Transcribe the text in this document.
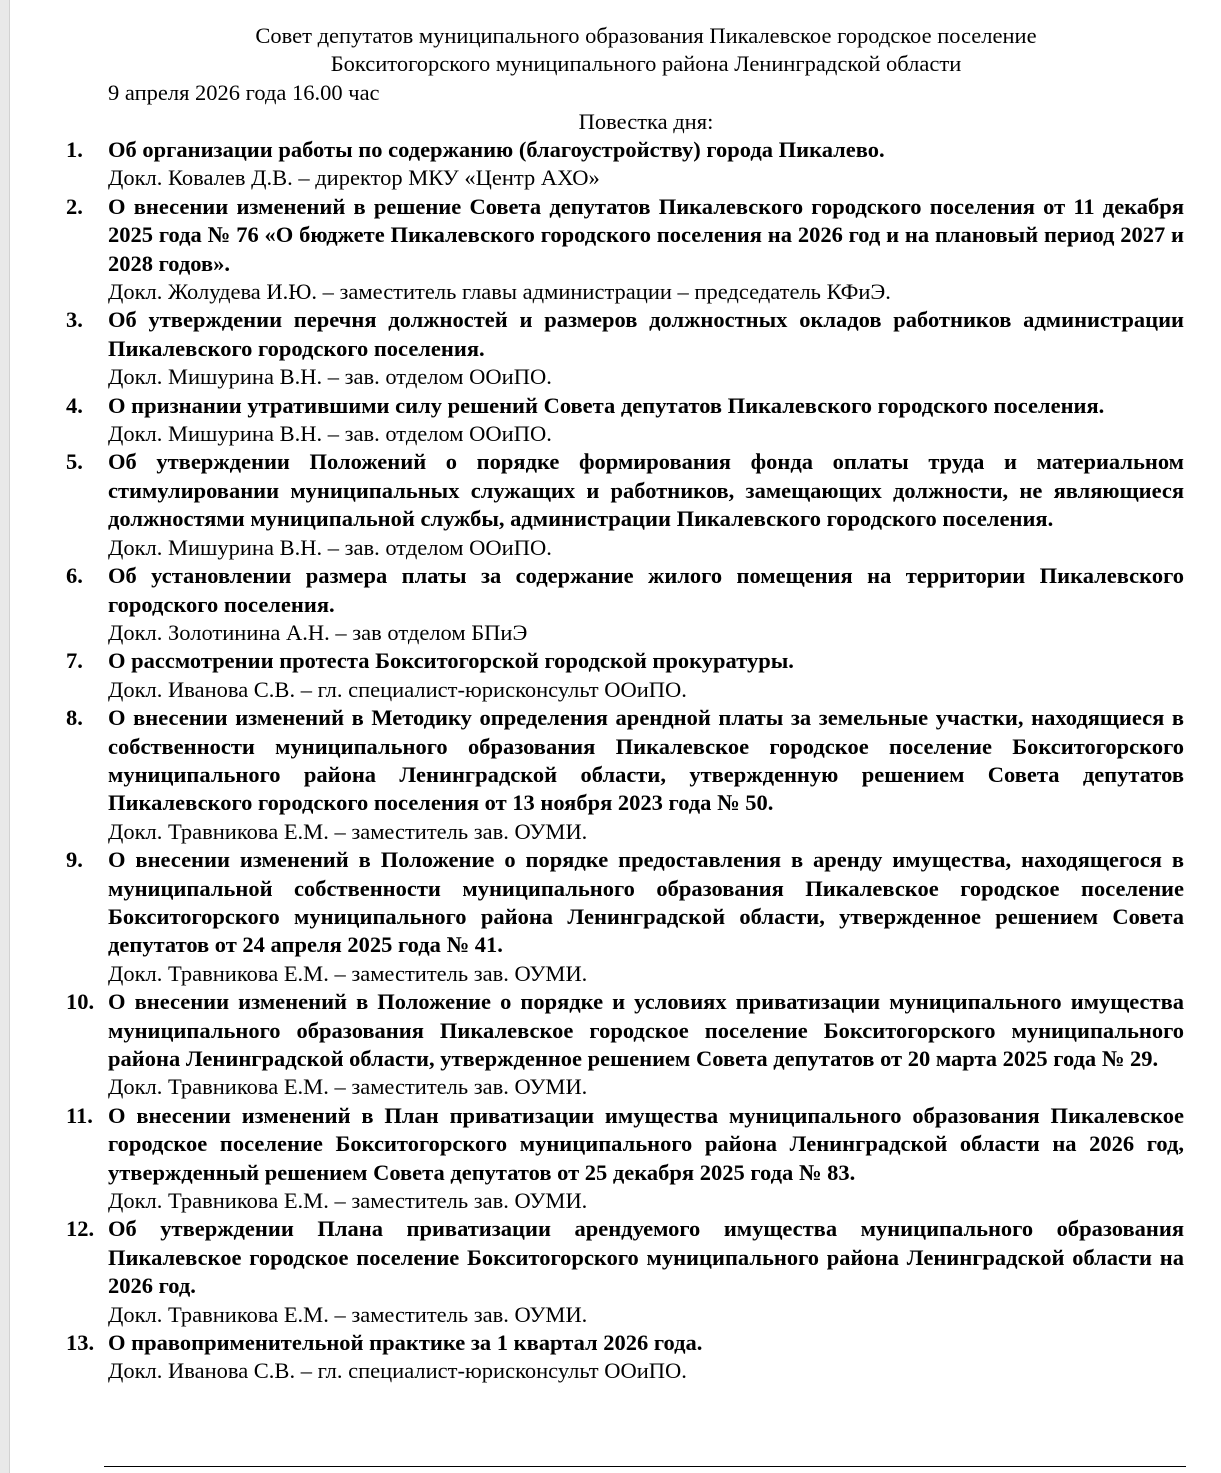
Совет депутатов муниципального образования Пикалевское городское поселение
Бокситогорского муниципального района Ленинградской области
9 апреля 2026 года 16.00 час
Повестка дня:
1.	Об организации работы по содержанию (благоустройству) города Пикалево.
Докл. Ковалев Д.В. – директор МКУ «Центр АХО»
2.	О внесении изменений в решение Совета депутатов Пикалевского городского поселения от 11 декабря 2025 года № 76 «О бюджете Пикалевского городского поселения на 2026 год и на плановый период 2027 и 2028 годов».
Докл. Жолудева И.Ю. – заместитель главы администрации – председатель КФиЭ.
3.	Об утверждении перечня должностей и размеров должностных окладов работников администрации Пикалевского городского поселения.
Докл. Мишурина В.Н. – зав. отделом ООиПО.
4.	О признании утратившими силу решений Совета депутатов Пикалевского городского поселения.
Докл. Мишурина В.Н. – зав. отделом ООиПО.
5.	Об утверждении Положений о порядке формирования фонда оплаты труда и материальном стимулировании муниципальных служащих и работников, замещающих должности, не являющиеся должностями муниципальной службы, администрации Пикалевского городского поселения.
Докл. Мишурина В.Н. – зав. отделом ООиПО.
6.	Об установлении размера платы за содержание жилого помещения на территории Пикалевского городского поселения.
Докл. Золотинина А.Н. – зав отделом БПиЭ
7.	О рассмотрении протеста Бокситогорской городской прокуратуры.
Докл. Иванова С.В. – гл. специалист-юрисконсульт ООиПО.
8.	О внесении изменений в Методику определения арендной платы за земельные участки, находящиеся в собственности муниципального образования Пикалевское городское поселение Бокситогорского муниципального района Ленинградской области, утвержденную решением Совета депутатов Пикалевского городского поселения от 13 ноября 2023 года № 50.
Докл. Травникова Е.М. – заместитель зав. ОУМИ.
9.	О внесении изменений в Положение о порядке предоставления в аренду имущества, находящегося в муниципальной собственности муниципального образования Пикалевское городское поселение Бокситогорского муниципального района Ленинградской области, утвержденное решением Совета депутатов от 24 апреля 2025 года № 41.
Докл. Травникова Е.М. – заместитель зав. ОУМИ.
10. О внесении изменений в Положение о порядке и условиях приватизации муниципального имущества муниципального образования Пикалевское городское поселение Бокситогорского муниципального района Ленинградской области, утвержденное решением Совета депутатов от 20 марта 2025 года № 29.
Докл. Травникова Е.М. – заместитель зав. ОУМИ.
11. О внесении изменений в План приватизации имущества муниципального образования Пикалевское городское поселение Бокситогорского муниципального района Ленинградской области на 2026 год, утвержденный решением Совета депутатов от 25 декабря 2025 года № 83.
Докл. Травникова Е.М. – заместитель зав. ОУМИ.
12. Об утверждении Плана приватизации арендуемого имущества муниципального образования Пикалевское городское поселение Бокситогорского муниципального района Ленинградской области на 2026 год.
Докл. Травникова Е.М. – заместитель зав. ОУМИ.
13. О правоприменительной практике за 1 квартал 2026 года.
Докл. Иванова С.В. – гл. специалист-юрисконсульт ООиПО.
